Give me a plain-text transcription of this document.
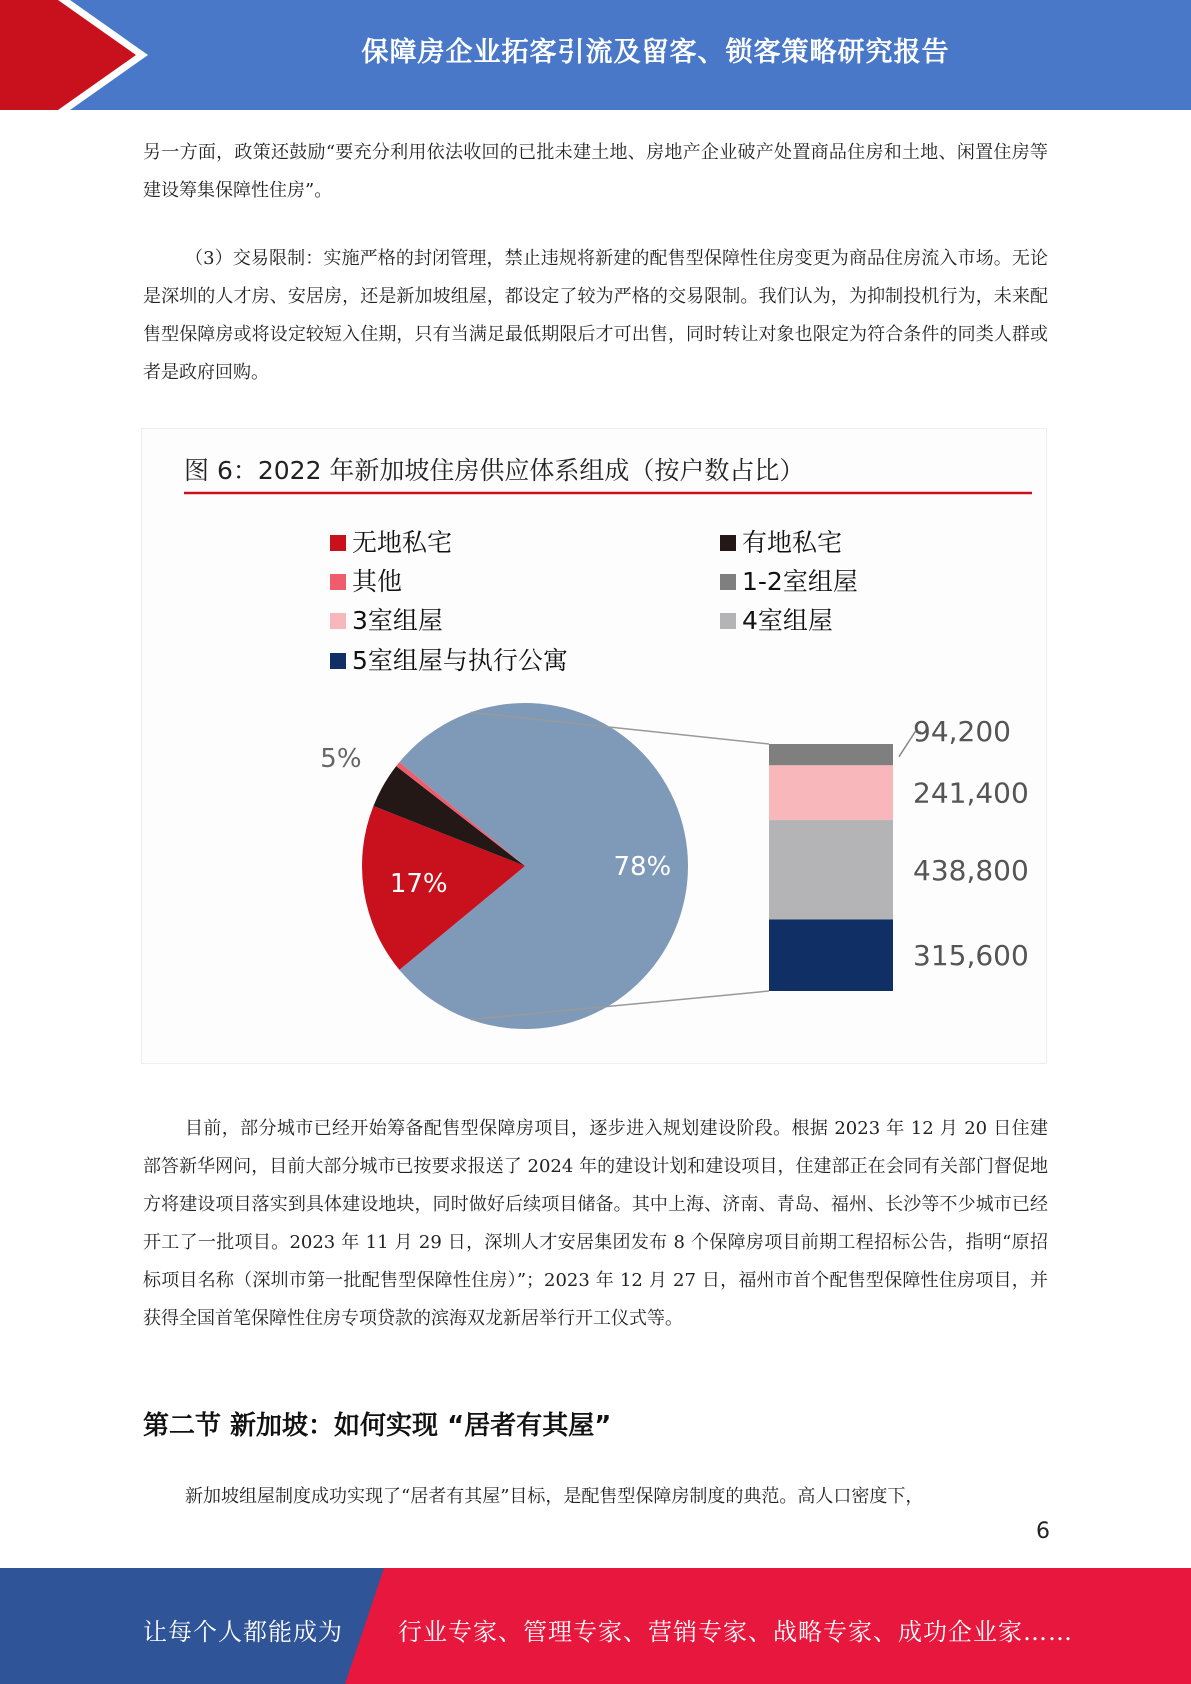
保障房企业拓客引流及留客、锁客策略研究报告

另一方面，政策还鼓励“要充分利用依法收回的已批未建土地、房地产企业破产处置商品住房和土地、闲置住房等建设筹集保障性住房”。

（3）交易限制：实施严格的封闭管理，禁止违规将新建的配售型保障性住房变更为商品住房流入市场。无论是深圳的人才房、安居房，还是新加坡组屋，都设定了较为严格的交易限制。我们认为，为抑制投机行为，未来配售型保障房或将设定较短入住期，只有当满足最低期限后才可出售，同时转让对象也限定为符合条件的同类人群或者是政府回购。

图 6：2022 年新加坡住房供应体系组成（按户数占比）
无地私宅	有地私宅
其他	1-2室组屋
3室组屋	4室组屋
5室组屋与执行公寓
78%
17%
5%
94,200
241,400
438,800
315,600

目前，部分城市已经开始筹备配售型保障房项目，逐步进入规划建设阶段。根据 2023 年 12 月 20 日住建部答新华网问，目前大部分城市已按要求报送了 2024 年的建设计划和建设项目，住建部正在会同有关部门督促地方将建设项目落实到具体建设地块，同时做好后续项目储备。其中上海、济南、青岛、福州、长沙等不少城市已经开工了一批项目。2023 年 11 月 29 日，深圳人才安居集团发布 8 个保障房项目前期工程招标公告，指明“原招标项目名称（深圳市第一批配售型保障性住房）”；2023 年 12 月 27 日，福州市首个配售型保障性住房项目，并获得全国首笔保障性住房专项贷款的滨海双龙新居举行开工仪式等。

第二节 新加坡：如何实现 “居者有其屋”

新加坡组屋制度成功实现了“居者有其屋”目标，是配售型保障房制度的典范。高人口密度下，

6
让每个人都能成为 行业专家、管理专家、营销专家、战略专家、成功企业家……
